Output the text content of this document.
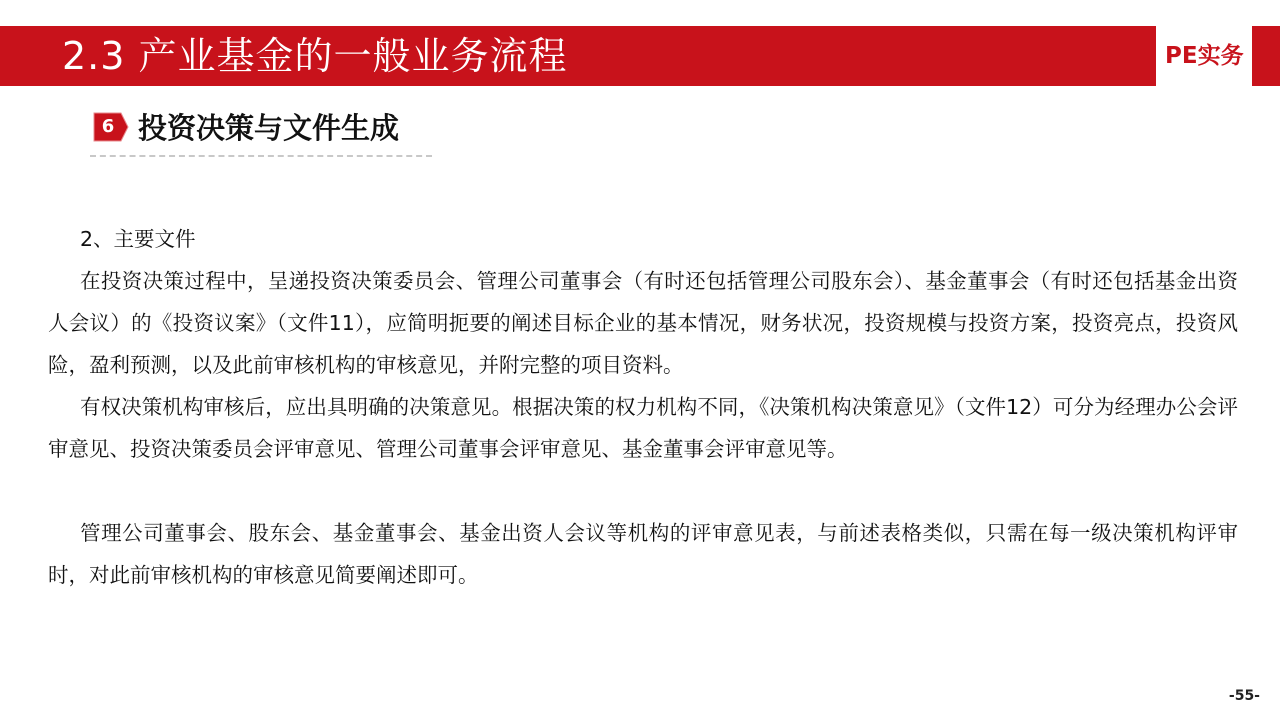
2.3 产业基金的一般业务流程	PE实务
6 投资决策与文件生成

2、主要文件

在投资决策过程中，呈递投资决策委员会、管理公司董事会（有时还包括管理公司股东会）、基金董事会（有时还包括基金出资人会议）的《投资议案》（文件11），应简明扼要的阐述目标企业的基本情况，财务状况，投资规模与投资方案，投资亮点，投资风险，盈利预测，以及此前审核机构的审核意见，并附完整的项目资料。

有权决策机构审核后，应出具明确的决策意见。根据决策的权力机构不同，《决策机构决策意见》（文件12）可分为经理办公会评审意见、投资决策委员会评审意见、管理公司董事会评审意见、基金董事会评审意见等。

管理公司董事会、股东会、基金董事会、基金出资人会议等机构的评审意见表，与前述表格类似，只需在每一级决策机构评审时，对此前审核机构的审核意见简要阐述即可。

-55-
